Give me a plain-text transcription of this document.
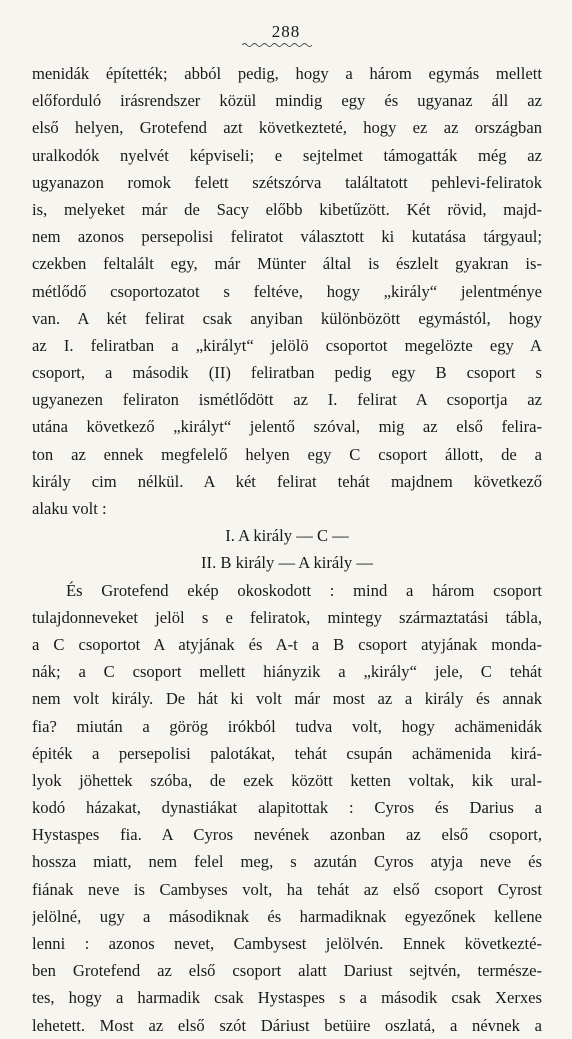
288
menidák építették; abból pedig, hogy a három egymás mellett
előforduló irásrendszer közül mindig egy és ugyanaz áll az
első helyen, Grotefend azt következteté, hogy ez az országban
uralkodók nyelvét képviseli; e sejtelmet támogatták még az
ugyanazon romok felett szétszórva találtatott pehlevi-feliratok
is, melyeket már de Sacy előbb kibetűzött. Két rövid, majd-
nem azonos persepolisi feliratot választott ki kutatása tárgyaul;
czekben feltalált egy, már Münter által is észlelt gyakran is-
métlődő csoportozatot s feltéve, hogy „király“ jelentménye
van. A két felirat csak anyiban különbözött egymástól, hogy
az I. feliratban a „királyt“ jelölö csoportot megelözte egy A
csoport, a második (II) feliratban pedig egy B csoport s
ugyanezen feliraton ismétlődött az I. felirat A csoportja az
utána következő „királyt“ jelentő szóval, mig az első felira-
ton az ennek megfelelő helyen egy C csoport állott, de a
király cim nélkül. A két felirat tehát majdnem következő
alaku volt :
I. A király — C —
II. B király — A király —
És Grotefend ekép okoskodott : mind a három csoport
tulajdonneveket jelöl s e feliratok, mintegy származtatási tábla,
a C csoportot A atyjának és A-t a B csoport atyjának monda-
nák; a C csoport mellett hiányzik a „király“ jele, C tehát
nem volt király. De hát ki volt már most az a király és annak
fia? miután a görög irókból tudva volt, hogy achämenidák
épiték a persepolisi palotákat, tehát csupán achämenida kirá-
lyok jöhettek szóba, de ezek között ketten voltak, kik ural-
kodó házakat, dynastiákat alapitottak : Cyros és Darius a
Hystaspes fia. A Cyros nevének azonban az első csoport,
hossza miatt, nem felel meg, s azután Cyros atyja neve és
fiának neve is Cambyses volt, ha tehát az első csoport Cyrost
jelölné, ugy a másodiknak és harmadiknak egyezőnek kellene
lenni : azonos nevet, Cambysest jelölvén. Ennek következté-
ben Grotefend az első csoport alatt Dariust sejtvén, természe-
tes, hogy a harmadik csak Hystaspes s a második csak Xerxes
lehetett. Most az első szót Dáriust betüire oszlatá, a névnek a
